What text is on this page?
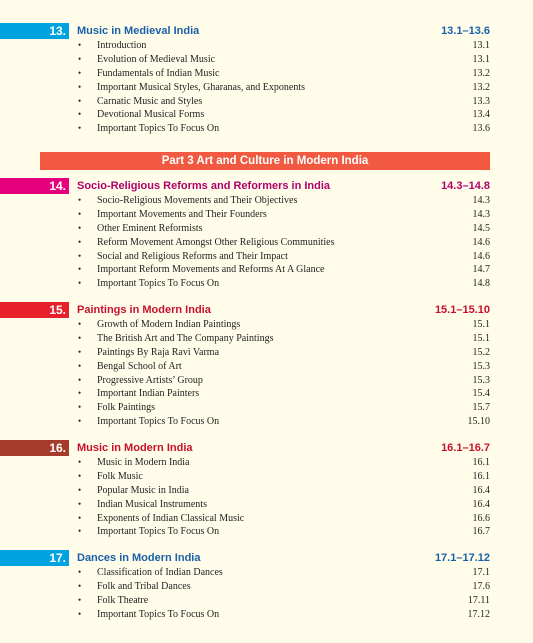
13. Music in Medieval India	13.1–13.6
• Introduction	13.1
• Evolution of Medieval Music	13.1
• Fundamentals of Indian Music	13.2
• Important Musical Styles, Gharanas, and Exponents	13.2
• Carnatic Music and Styles	13.3
• Devotional Musical Forms	13.4
• Important Topics To Focus On	13.6
Part 3 Art and Culture in Modern India
14. Socio-Religious Reforms and Reformers in India	14.3–14.8
• Socio-Religious Movements and Their Objectives	14.3
• Important Movements and Their Founders	14.3
• Other Eminent Reformists	14.5
• Reform Movement Amongst Other Religious Communities	14.6
• Social and Religious Reforms and Their Impact	14.6
• Important Reform Movements and Reforms At A Glance	14.7
• Important Topics To Focus On	14.8
15. Paintings in Modern India	15.1–15.10
• Growth of Modern Indian Paintings	15.1
• The British Art and The Company Paintings	15.1
• Paintings By Raja Ravi Varma	15.2
• Bengal School of Art	15.3
• Progressive Artists’ Group	15.3
• Important Indian Painters	15.4
• Folk Paintings	15.7
• Important Topics To Focus On	15.10
16. Music in Modern India	16.1–16.7
• Music in Modern India	16.1
• Folk Music	16.1
• Popular Music in India	16.4
• Indian Musical Instruments	16.4
• Exponents of Indian Classical Music	16.6
• Important Topics To Focus On	16.7
17. Dances in Modern India	17.1–17.12
• Classification of Indian Dances	17.1
• Folk and Tribal Dances	17.6
• Folk Theatre	17.11
• Important Topics To Focus On	17.12
